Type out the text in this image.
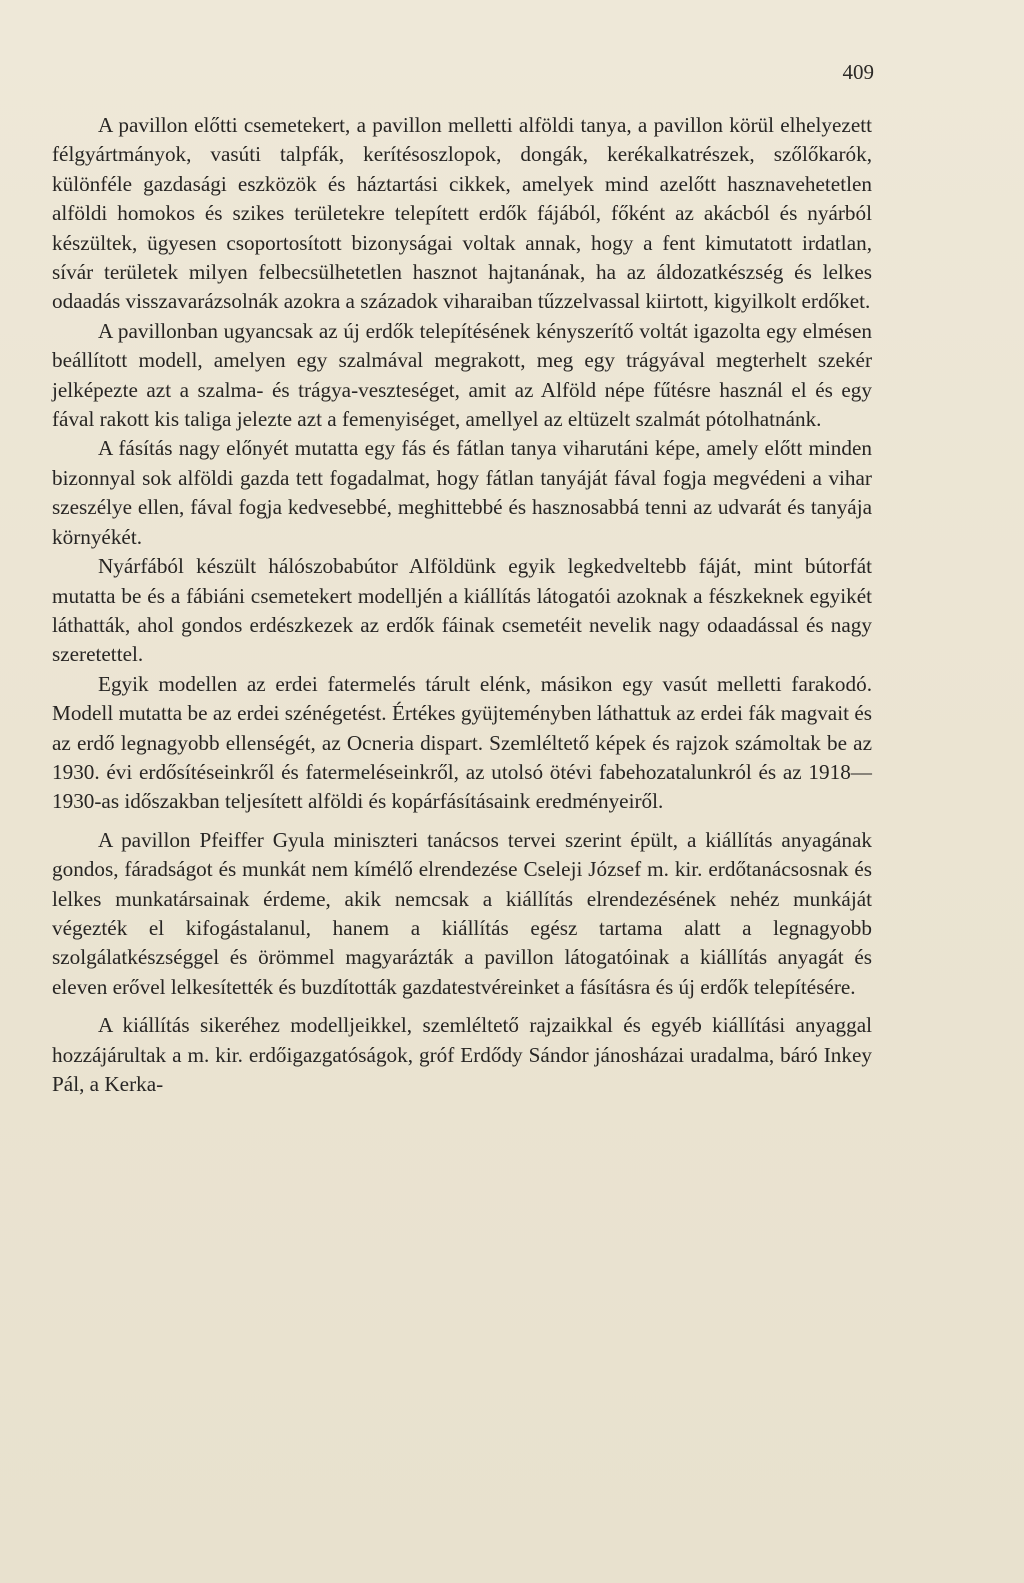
409

A pavillon előtti csemetekert, a pavillon melletti alföldi tanya, a pavillon körül elhelyezett félgyártmányok, vasúti talpfák, kerítésoszlopok, dongák, kerékalkatrészek, szőlőkarók, különféle gazdasági eszközök és háztartási cikkek, amelyek mind azelőtt hasznavehetetlen alföldi homokos és szikes területekre telepített erdők fájából, főként az akácból és nyárból készültek, ügyesen csoportosított bizonyságai voltak annak, hogy a fent kimutatott irdatlan, sívár területek milyen felbecsülhetetlen hasznot hajtanának, ha az áldozatkészség és lelkes odaadás visszavarázsolnák azokra a századok viharaiban tűzzelvassal kiirtott, kigyilkolt erdőket.

A pavillonban ugyancsak az új erdők telepítésének kényszerítő voltát igazolta egy elmésen beállított modell, amelyen egy szalmával megrakott, meg egy trágyával megterhelt szekér jelképezte azt a szalma- és trágya-veszteséget, amit az Alföld népe fűtésre használ el és egy fával rakott kis taliga jelezte azt a femenyiséget, amellyel az eltüzelt szalmát pótolhatnánk.

A fásítás nagy előnyét mutatta egy fás és fátlan tanya viharutáni képe, amely előtt minden bizonnyal sok alföldi gazda tett fogadalmat, hogy fátlan tanyáját fával fogja megvédeni a vihar szeszélye ellen, fával fogja kedvesebbé, meghittebbé és hasznosabbá tenni az udvarát és tanyája környékét.

Nyárfából készült hálószobabútor Alföldünk egyik legkedveltebb fáját, mint bútorfát mutatta be és a fábiáni csemetekert modelljén a kiállítás látogatói azoknak a fészkeknek egyikét láthatták, ahol gondos erdészkezek az erdők fáinak csemetéit nevelik nagy odaadással és nagy szeretettel.

Egyik modellen az erdei fatermelés tárult elénk, másikon egy vasút melletti farakodó. Modell mutatta be az erdei szénégetést. Értékes gyüjteményben láthattuk az erdei fák magvait és az erdő legnagyobb ellenségét, az Ocneria dispart. Szemléltető képek és rajzok számoltak be az 1930. évi erdősítéseinkről és fatermeléseinkről, az utolsó ötévi fabehozatalunkról és az 1918—1930-as időszakban teljesített alföldi és kopárfásításaink eredményeiről.

A pavillon Pfeiffer Gyula miniszteri tanácsos tervei szerint épült, a kiállítás anyagának gondos, fáradságot és munkát nem kímélő elrendezése Cseleji József m. kir. erdőtanácsosnak és lelkes munkatársainak érdeme, akik nemcsak a kiállítás elrendezésének nehéz munkáját végezték el kifogástalanul, hanem a kiállítás egész tartama alatt a legnagyobb szolgálatkészséggel és örömmel magyarázták a pavillon látogatóinak a kiállítás anyagát és eleven erővel lelkesítették és buzdították gazdatestvéreinket a fásításra és új erdők telepítésére.

A kiállítás sikeréhez modelljeikkel, szemléltető rajzaikkal és egyéb kiállítási anyaggal hozzájárultak a m. kir. erdőigazgatóságok, gróf Erdődy Sándor jánosházai uradalma, báró Inkey Pál, a Kerka-
